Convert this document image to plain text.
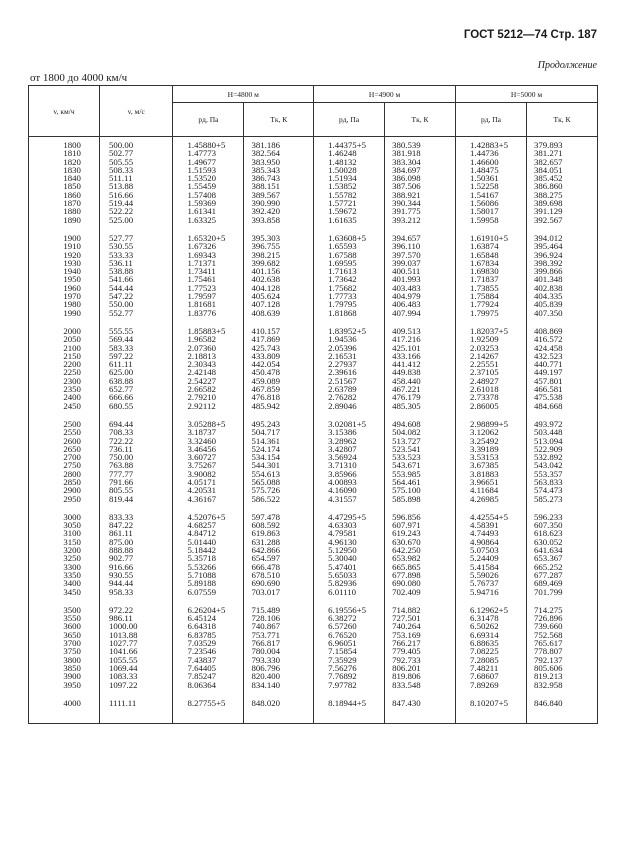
ГОСТ 5212—74 Стр. 187
Продолжение
от 1800 до 4000 км/ч
v, км/ч	v, м/с	H=4800 м		H=4900 м		H=5000 м	
		pд, Па	Tк, К	pд, Па	Tк, К	pд, Па	Tк, К
1800	500.00	1.45880+5	381.186	1.44375+5	380.539	1.42883+5	379.893
1810	502.77	1.47773	382.564	1.46248	381.918	1.44736	381.271
1820	505.55	1.49677	383.950	1.48132	383.304	1.46600	382.657
1830	508.33	1.51593	385.343	1.50028	384.697	1.48475	384.051
1840	511.11	1.53520	386.743	1.51934	386.098	1.50361	385.452
1850	513.88	1.55459	388.151	1.53852	387.506	1.52258	386.860
1860	516.66	1.57408	389.567	1.55782	388.921	1.54167	388.275
1870	519.44	1.59369	390.990	1.57721	390.344	1.56086	389.698
1880	522.22	1.61341	392.420	1.59672	391.775	1.58017	391.129
1890	525.00	1.63325	393.858	1.61635	393.212	1.59958	392.567

1900	527.77	1.65320+5	395.303	1.63608+5	394.657	1.61910+5	394.012
1910	530.55	1.67326	396.755	1.65593	396.110	1.63874	395.464
1920	533.33	1.69343	398.215	1.67588	397.570	1.65848	396.924
1930	536.11	1.71371	399.682	1.69595	399.037	1.67834	398.392
1940	538.88	1.73411	401.156	1.71613	400.511	1.69830	399.866
1950	541.66	1.75461	402.638	1.73642	401.993	1.71837	401.348
1960	544.44	1.77523	404.128	1.75682	403.483	1.73855	402.838
1970	547.22	1.79597	405.624	1.77733	404.979	1.75884	404.335
1980	550.00	1.81681	407.128	1.79795	406.483	1.77924	405.839
1990	552.77	1.83776	408.639	1.81868	407.994	1.79975	407.350

2000	555.55	1.85883+5	410.157	1.83952+5	409.513	1.82037+5	408.869
2050	569.44	1.96582	417.869	1.94536	417.216	1.92509	416.572
2100	583.33	2.07360	425.743	2.05396	425.101	2.03253	424.458
2150	597.22	2.18813	433.809	2.16531	433.166	2.14267	432.523
2200	611.11	2.30343	442.054	2.27937	441.412	2.25551	440.771
2250	625.00	2.42148	450.478	2.39616	449.838	2.37105	449.197
2300	638.88	2.54227	459.089	2.51567	458.440	2.48927	457.801
2350	652.77	2.66582	467.859	2.63789	467.221	2.61018	466.581
2400	666.66	2.79210	476.818	2.76282	476.179	2.73378	475.538
2450	680.55	2.92112	485.942	2.89046	485.305	2.86005	484.668

2500	694.44	3.05288+5	495.243	3.02081+5	494.608	2.98899+5	493.972
2550	708.33	3.18737	504.717	3.15386	504.082	3.12062	503.448
2600	722.22	3.32460	514.361	3.28962	513.727	3.25492	513.094
2650	736.11	3.46456	524.174	3.42807	523.541	3.39189	522.909
2700	750.00	3.60727	534.154	3.56924	533.523	3.53153	532.892
2750	763.88	3.75267	544.301	3.71310	543.671	3.67385	543.042
2800	777.77	3.90082	554.613	3.85966	553.985	3.81883	553.357
2850	791.66	4.05171	565.088	4.00893	564.461	3.96651	563.833
2900	805.55	4.20531	575.726	4.16090	575.100	4.11684	574.473
2950	819.44	4.36167	586.522	4.31557	585.898	4.26985	585.273

3000	833.33	4.52076+5	597.478	4.47295+5	596.856	4.42554+5	596.233
3050	847.22	4.68257	608.592	4.63303	607.971	4.58391	607.350
3100	861.11	4.84712	619.863	4.79581	619.243	4.74493	618.623
3150	875.00	5.01440	631.288	4.96130	630.670	4.90864	630.052
3200	888.88	5.18442	642.866	5.12950	642.250	5.07503	641.634
3250	902.77	5.35718	654.597	5.30040	653.982	5.24409	653.367
3300	916.66	5.53266	666.478	5.47401	665.865	5.41584	665.252
3350	930.55	5.71088	678.510	5.65033	677.898	5.59026	677.287
3400	944.44	5.89188	690.690	5.82936	690.080	5.76737	689.469
3450	958.33	6.07559	703.017	6.01110	702.409	5.94716	701.799

3500	972.22	6.26204+5	715.489	6.19556+5	714.882	6.12962+5	714.275
3550	986.11	6.45124	728.106	6.38272	727.501	6.31478	726.896
3600	1000.00	6.64318	740.867	6.57260	740.264	6.50262	739.660
3650	1013.88	6.83785	753.771	6.76520	753.169	6.69314	752.568
3700	1027.77	7.03529	766.817	6.96051	766.217	6.88635	765.617
3750	1041.66	7.23546	780.004	7.15854	779.405	7.08225	778.807
3800	1055.55	7.43837	793.330	7.35929	792.733	7.28085	792.137
3850	1069.44	7.64405	806.796	7.56276	806.201	7.48211	805.606
3900	1083.33	7.85247	820.400	7.76892	819.806	7.68607	819.213
3950	1097.22	8.06364	834.140	7.97782	833.548	7.89269	832.958

4000	1111.11	8.27755+5	848.020	8.18944+5	847.430	8.10207+5	846.840
